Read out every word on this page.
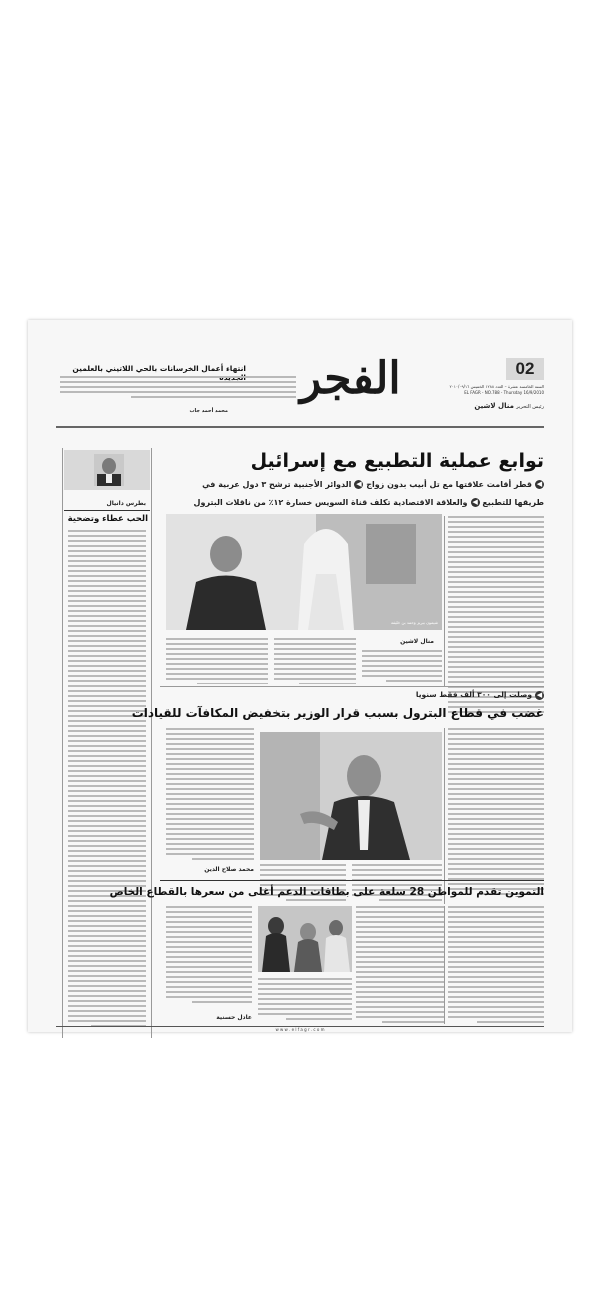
02
السنة الخامسة عشرة – العدد ١٢٨٨ الخميس ٢٠١٠/٠٩/١٦
EL FAGR - NO.788 - Thursday 16/9/2010
رئيس التحرير منال لاشين
الفجر
انتهاء أعمال الخرسانات بالحي اللاتيني بالعلمين
محمد أحمد جاب
بطرس دانيال
الحب عطاء وتضحية
توابع عملية التطبيع مع إسرائيل
◀قطر أقامت علاقتها مع تل أبيب بدون زواج ◀الدوائر الأجنبية ترشح ٣ دول عربية في
طريقها للتطبيع ◀والعلاقة الاقتصادية تكلف قناة السويس خسارة ١٢٪ من ناقلات البترول
شيمون بيريز وحمد بن خليفة
منال لاشين
◀وصلت إلى ٣٠٠ ألف فقط سنويا
غضب في قطاع البترول بسبب قرار الوزير بتخفيض المكافآت للقيادات
محمد صلاح الدين
التموين تقدم للمواطن 28 سلعة على بطاقات الدعم أغلى من سعرها بالقطاع الخاص
عادل حسنية
w w w . e l f a g r . c o m
